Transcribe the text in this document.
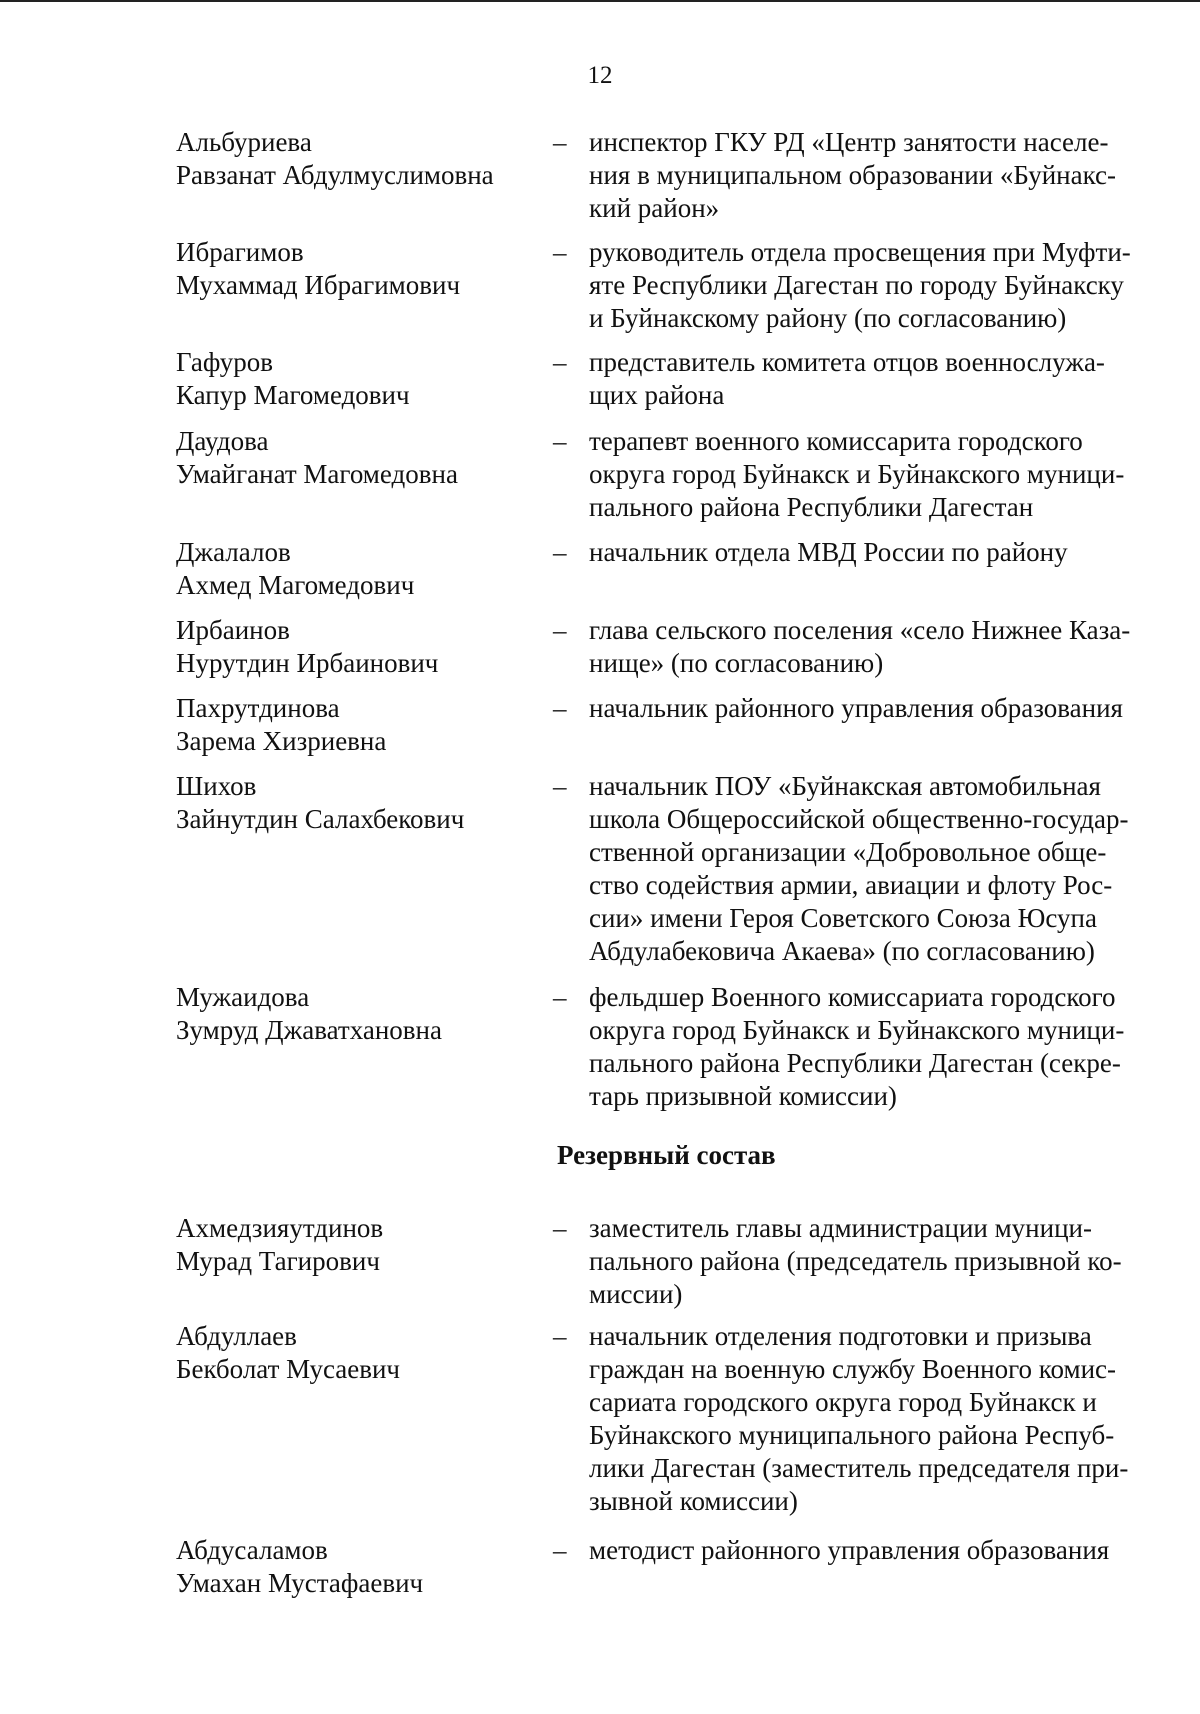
12
Альбуриева
Равзанат Абдулмуслимовна
– инспектор ГКУ РД «Центр занятости населе-
ния в муниципальном образовании «Буйнакс-
кий район»
Ибрагимов
Мухаммад Ибрагимович
– руководитель отдела просвещения при Муфти-
яте Республики Дагестан по городу Буйнакску
и Буйнакскому району (по согласованию)
Гафуров
Капур Магомедович
– представитель комитета отцов военнослужа-
щих района
Даудова
Умайганат Магомедовна
– терапевт военного комиссарита городского
округа город Буйнакск и Буйнакского муници-
пального района Республики Дагестан
Джалалов
Ахмед Магомедович
– начальник отдела МВД России по району
Ирбаинов
Нурутдин Ирбаинович
– глава сельского поселения «село Нижнее Каза-
нище» (по согласованию)
Пахрутдинова
Зарема Хизриевна
– начальник районного управления образования
Шихов
Зайнутдин Салахбекович
– начальник ПОУ «Буйнакская автомобильная
школа Общероссийской общественно-государ-
ственной организации «Добровольное обще-
ство содействия армии, авиации и флоту Рос-
сии» имени Героя Советского Союза Юсупа
Абдулабековича Акаева» (по согласованию)
Мужаидова
Зумруд Джаватхановна
– фельдшер Военного комиссариата городского
округа город Буйнакск и Буйнакского муници-
пального района Республики Дагестан (секре-
тарь призывной комиссии)
Резервный состав
Ахмедзияутдинов
Мурад Тагирович
– заместитель главы администрации муници-
пального района (председатель призывной ко-
миссии)
Абдуллаев
Бекболат Мусаевич
– начальник отделения подготовки и призыва
граждан на военную службу Военного комис-
сариата городского округа город Буйнакск и
Буйнакского муниципального района Респуб-
лики Дагестан (заместитель председателя при-
зывной комиссии)
Абдусаламов
Умахан Мустафаевич
– методист районного управления образования
